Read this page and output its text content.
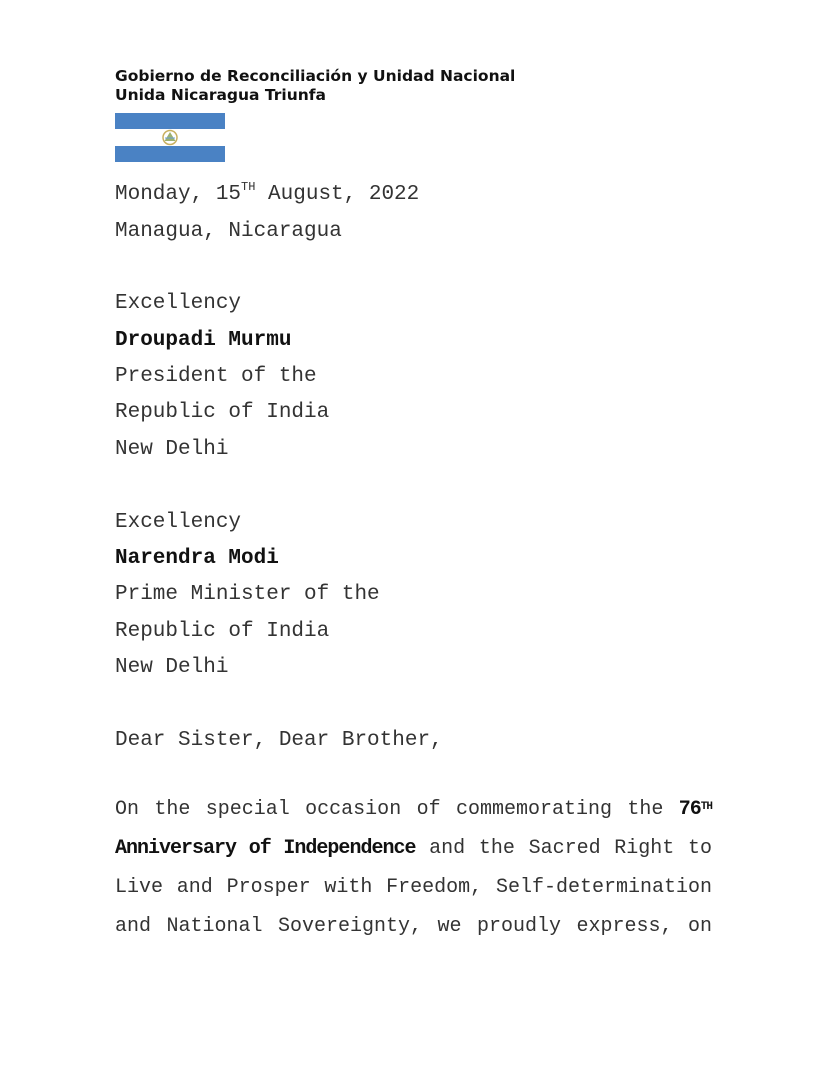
Gobierno de Reconciliación y Unidad Nacional
Unida Nicaragua Triunfa
Monday, 15TH August, 2022
Managua, Nicaragua
Excellency
Droupadi Murmu
President of the
Republic of India
New Delhi
Excellency
Narendra Modi
Prime Minister of the
Republic of India
New Delhi
Dear Sister, Dear Brother,
On the special occasion of commemorating the 76TH
Anniversary of Independence and the Sacred Right to
Live and Prosper with Freedom, Self-determination
and National Sovereignty, we proudly express, on
